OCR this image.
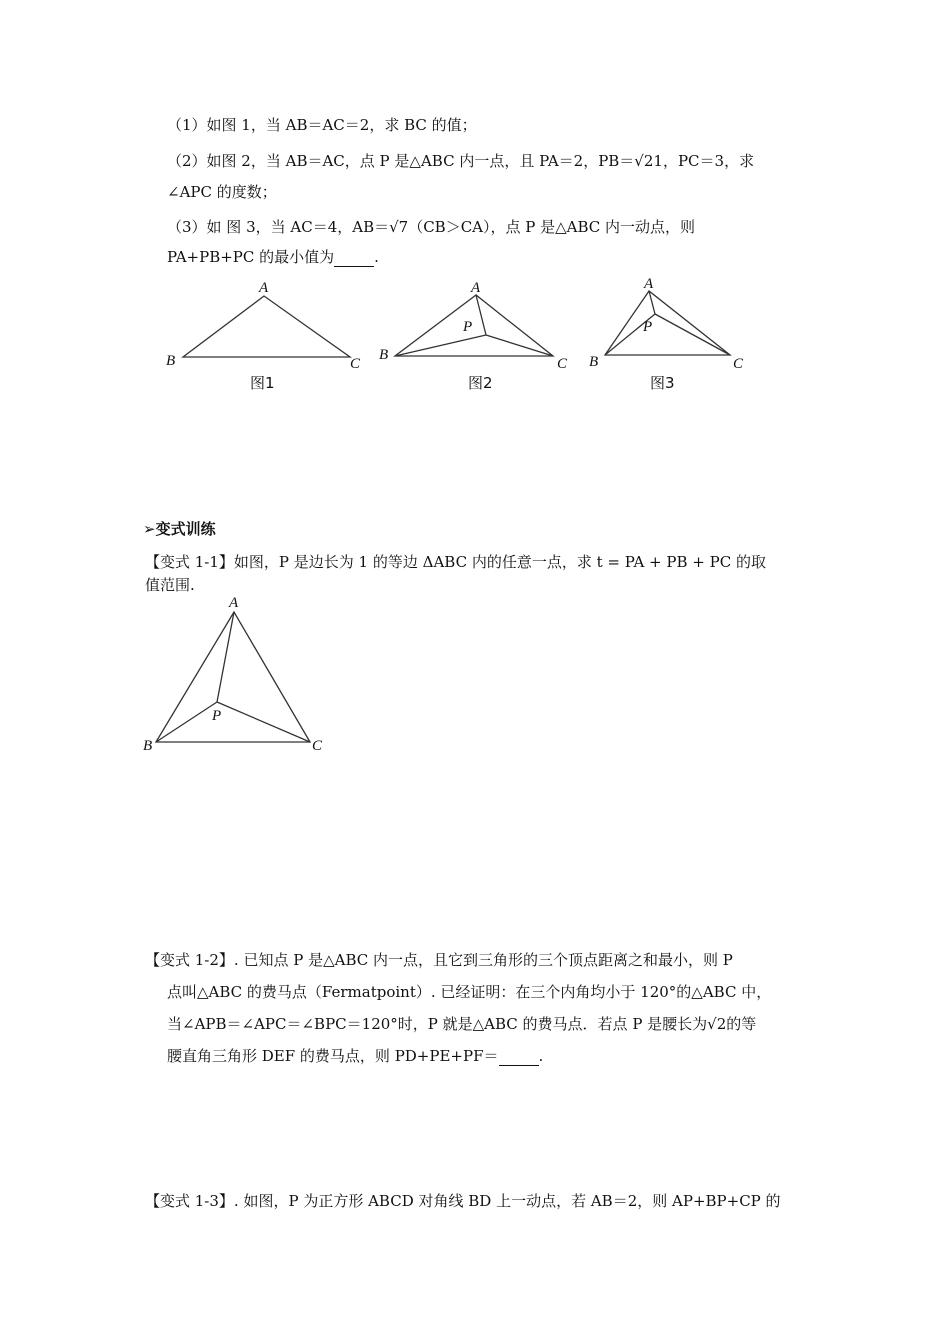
（1）如图 1，当 AB＝AC＝2，求 BC 的值；
（2）如图 2，当 AB＝AC，点 P 是△ABC 内一点，且 PA＝2，PB＝√21，PC＝3，求
∠APC 的度数；
（3）如 图 3，当 AC＝4，AB＝√7（CB＞CA），点 P 是△ABC 内一动点，则
PA+PB+PC 的最小值为	.
A
B	C
图1
A
B
C
P
图2
A
B	C
P
图3
➢变式训练
【变式 1-1】如图，P 是边长为 1 的等边 ΔABC 内的任意一点，求 t = PA + PB + PC 的取
值范围.
A
B	C
P
【变式 1-2】. 已知点 P 是△ABC 内一点，且它到三角形的三个顶点距离之和最小，则 P
点叫△ABC 的费马点（Fermatpoint）. 已经证明：在三个内角均小于 120°的△ABC 中，
当∠APB＝∠APC＝∠BPC＝120°时，P 就是△ABC 的费马点．若点 P 是腰长为√2的等
腰直角三角形 DEF 的费马点，则 PD+PE+PF＝	.
【变式 1-3】. 如图，P 为正方形 ABCD 对角线 BD 上一动点，若 AB＝2，则 AP+BP+CP 的
